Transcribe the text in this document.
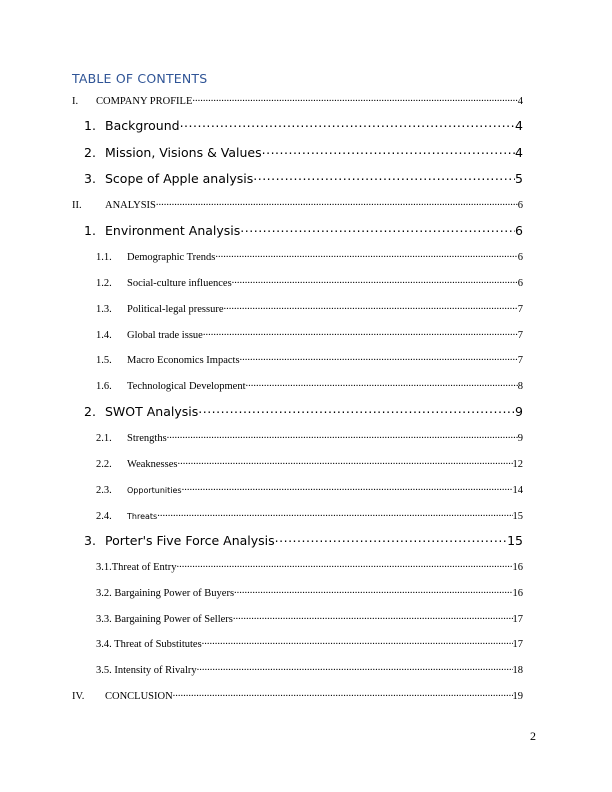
TABLE OF CONTENTS
I.	COMPANY PROFILE .....	4
1. Background .....	4
2. Mission, Visions & Values .....	4
3. Scope of Apple analysis .....	5
II.	ANALYSIS .....	6
1. Environment Analysis .....	6
1.1.	Demographic Trends .....	6
1.2.	Social-culture influences .....	6
1.3.	Political-legal pressure .....	7
1.4.	Global trade issue .....	7
1.5.	Macro Economics Impacts .....	7
1.6.	Technological Development .....	8
2. SWOT Analysis .....	9
2.1.	Strengths .....	9
2.2.	Weaknesses .....	12
2.3.	Opportunities .....	14
2.4.	Threats .....	15
3. Porter's Five Force Analysis .....	15
3.1.Threat of Entry .....	16
3.2. Bargaining Power of Buyers .....	16
3.3. Bargaining Power of Sellers .....	17
3.4. Threat of Substitutes .....	17
3.5. Intensity of Rivalry .....	18
IV.	CONCLUSION .....	19
2
